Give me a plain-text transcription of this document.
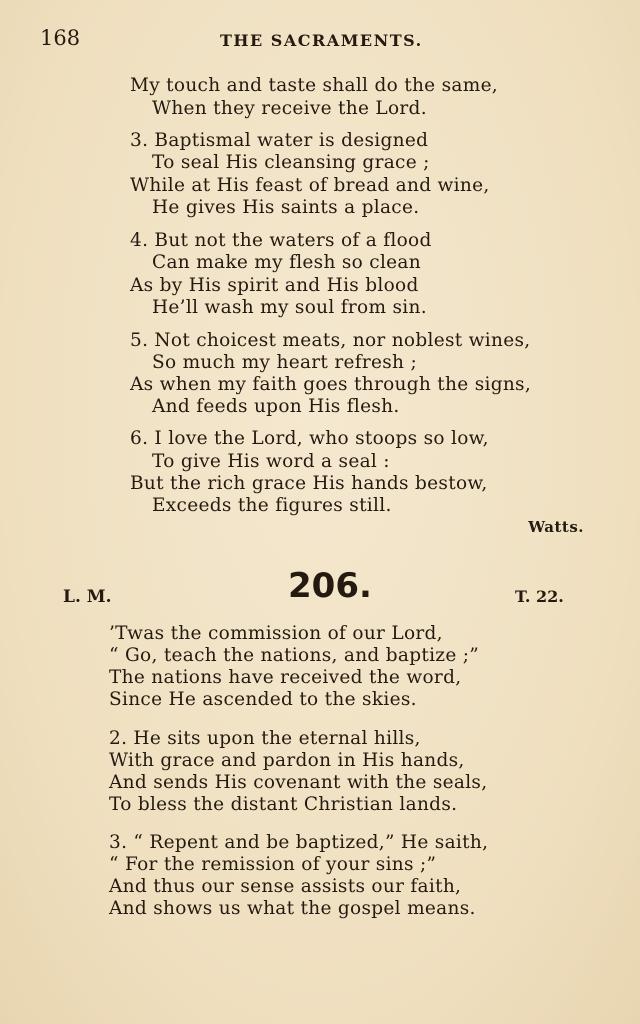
168	THE SACRAMENTS.
My touch and taste shall do the same,
When they receive the Lord.
3. Baptismal water is designed
To seal His cleansing grace ;
While at His feast of bread and wine,
He gives His saints a place.
4. But not the waters of a flood
Can make my flesh so clean
As by His spirit and His blood
He’ll wash my soul from sin.
5. Not choicest meats, nor noblest wines,
So much my heart refresh ;
As when my faith goes through the signs,
And feeds upon His flesh.
6. I love the Lord, who stoops so low,
To give His word a seal :
But the rich grace His hands bestow,
Exceeds the figures still.
Watts.
L. M.	206.	T. 22.
’Twas the commission of our Lord,
“ Go, teach the nations, and baptize ;”
The nations have received the word,
Since He ascended to the skies.
2. He sits upon the eternal hills,
With grace and pardon in His hands,
And sends His covenant with the seals,
To bless the distant Christian lands.
3. “ Repent and be baptized,” He saith,
“ For the remission of your sins ;”
And thus our sense assists our faith,
And shows us what the gospel means.
